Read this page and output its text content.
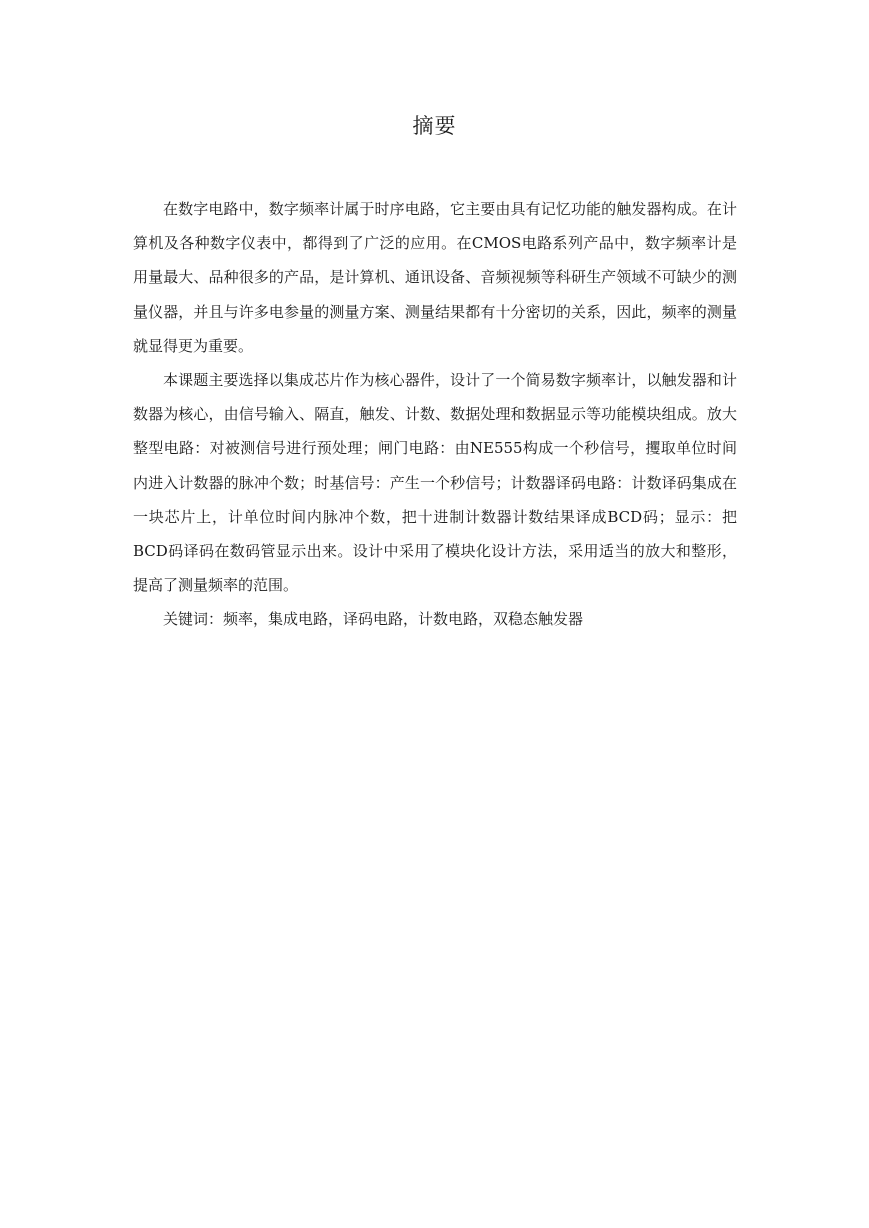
摘要

在数字电路中，数字频率计属于时序电路，它主要由具有记忆功能的触发器构成。在计算机及各种数字仪表中，都得到了广泛的应用。在CMOS电路系列产品中，数字频率计是用量最大、品种很多的产品，是计算机、通讯设备、音频视频等科研生产领域不可缺少的测量仪器，并且与许多电参量的测量方案、测量结果都有十分密切的关系，因此，频率的测量就显得更为重要。

本课题主要选择以集成芯片作为核心器件，设计了一个简易数字频率计，以触发器和计数器为核心，由信号输入、隔直，触发、计数、数据处理和数据显示等功能模块组成。放大整型电路：对被测信号进行预处理；闸门电路：由NE555构成一个秒信号，攫取单位时间内进入计数器的脉冲个数；时基信号：产生一个秒信号；计数器译码电路：计数译码集成在一块芯片上，计单位时间内脉冲个数，把十进制计数器计数结果译成BCD码；显示：把BCD码译码在数码管显示出来。设计中采用了模块化设计方法，采用适当的放大和整形，提高了测量频率的范围。

关键词：频率，集成电路，译码电路，计数电路，双稳态触发器
